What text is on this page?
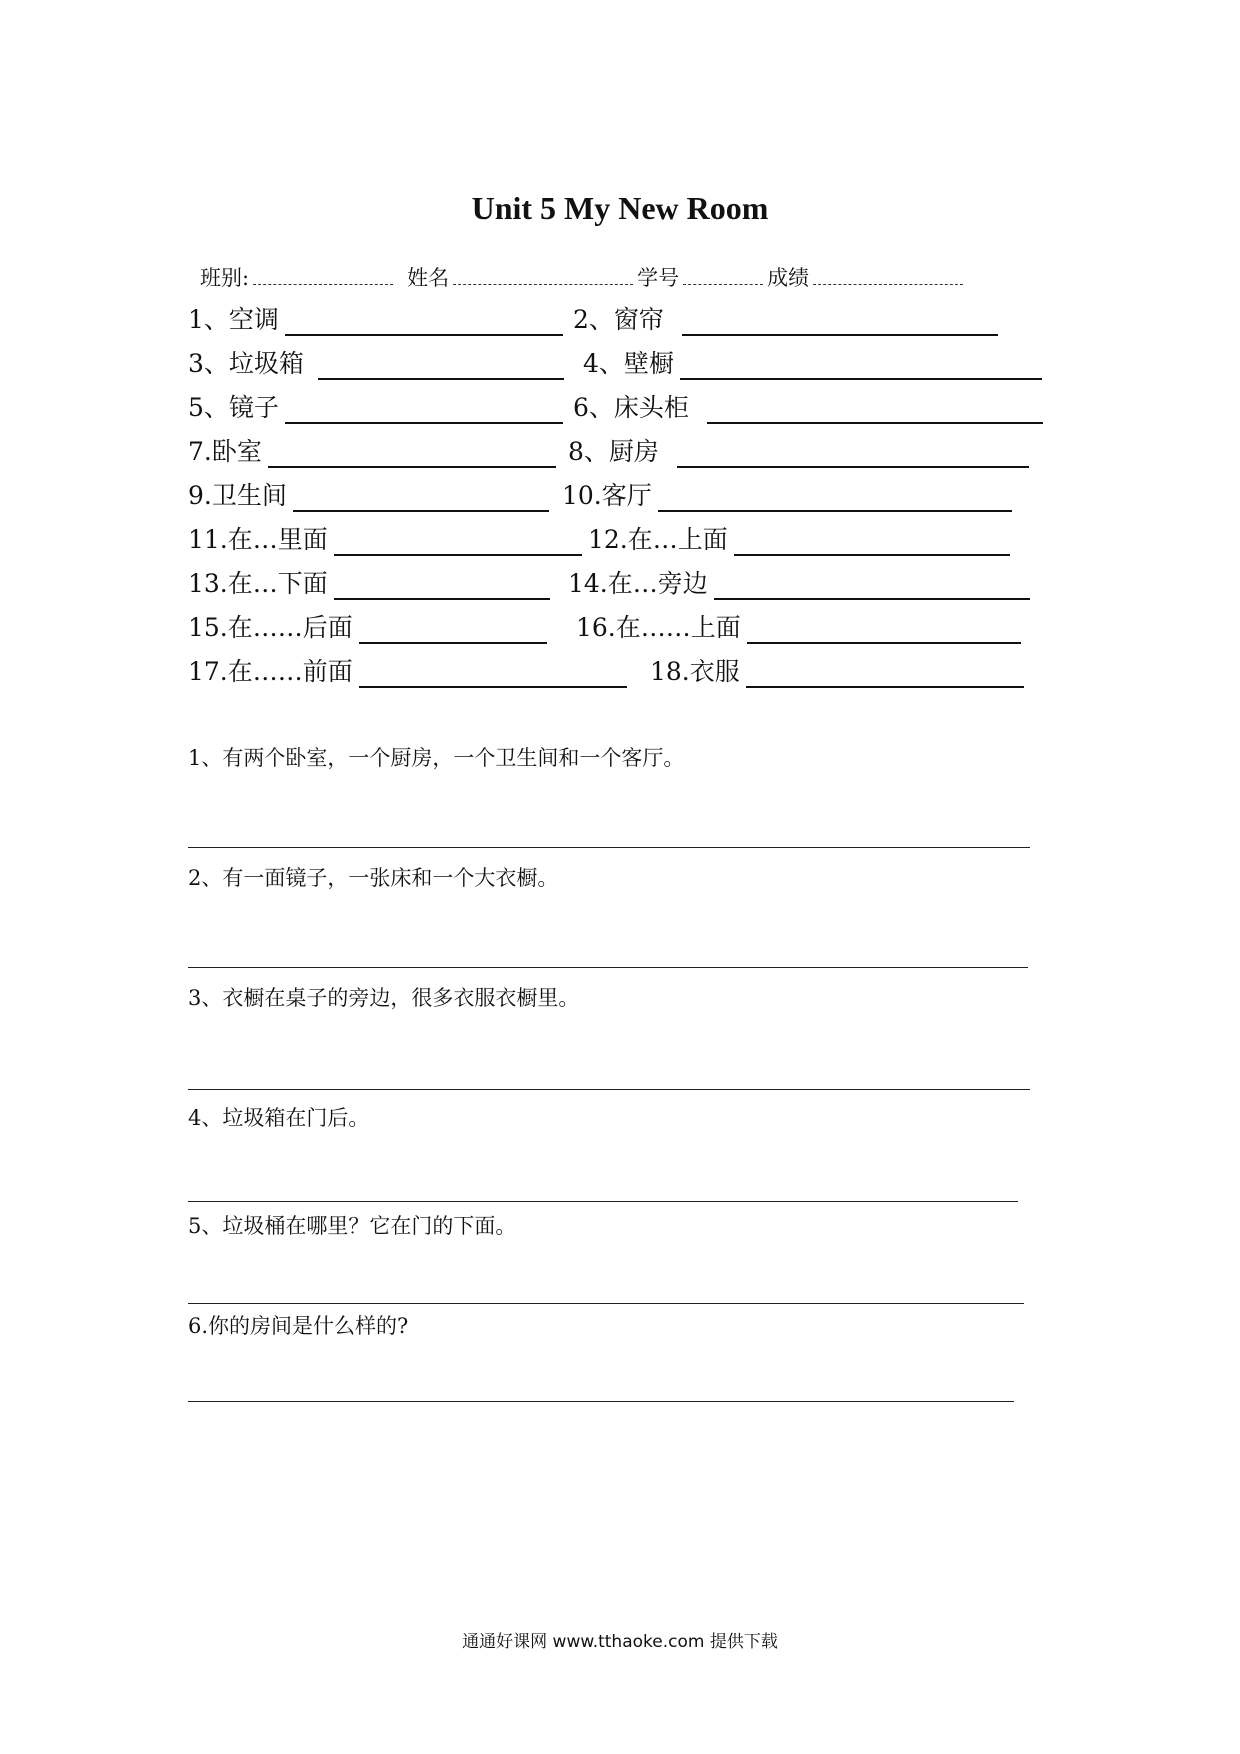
Unit 5 My New Room
班别:	姓名	学号	成绩
1、空调	2、窗帘
3、垃圾箱	4、壁橱
5、镜子	6、床头柜
7.卧室	8、厨房
9.卫生间	10.客厅
11.在…里面	12.在…上面
13.在…下面	14.在…旁边
15.在……后面	16.在……上面
17.在……前面	18.衣服
1、有两个卧室，一个厨房，一个卫生间和一个客厅。
2、有一面镜子，一张床和一个大衣橱。
3、衣橱在桌子的旁边，很多衣服衣橱里。
4、垃圾箱在门后。
5、垃圾桶在哪里？它在门的下面。
6.你的房间是什么样的?
通通好课网 www.tthaoke.com 提供下载
